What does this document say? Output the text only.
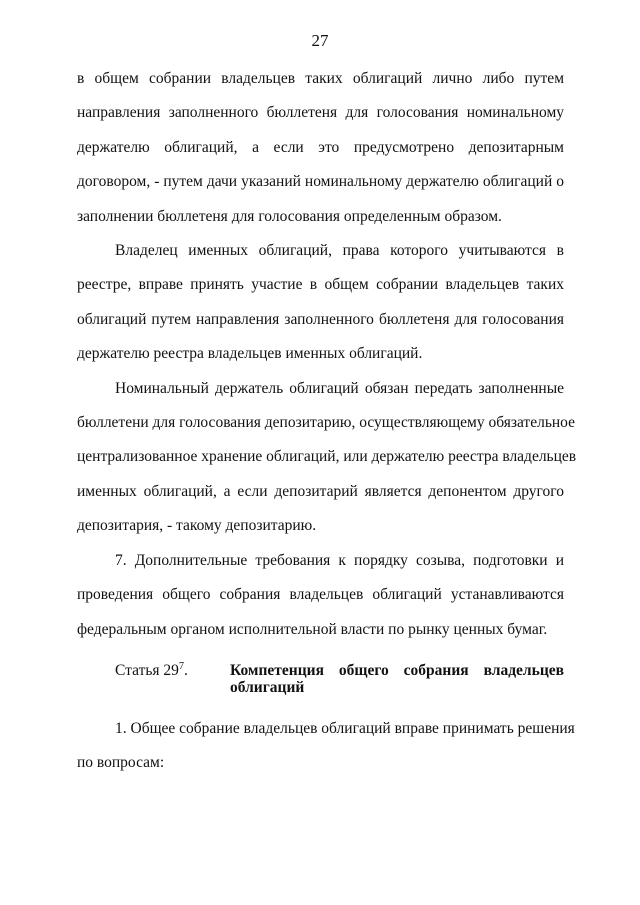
27

в общем собрании владельцев таких облигаций лично либо путем
направления заполненного бюллетеня для голосования номинальному
держателю облигаций, а если это предусмотрено депозитарным
договором, - путем дачи указаний номинальному держателю облигаций о
заполнении бюллетеня для голосования определенным образом.

Владелец именных облигаций, права которого учитываются в
реестре, вправе принять участие в общем собрании владельцев таких
облигаций путем направления заполненного бюллетеня для голосования
держателю реестра владельцев именных облигаций.

Номинальный держатель облигаций обязан передать заполненные
бюллетени для голосования депозитарию, осуществляющему обязательное
централизованное хранение облигаций, или держателю реестра владельцев
именных облигаций, а если депозитарий является депонентом другого
депозитария, - такому депозитарию.

7. Дополнительные требования к порядку созыва, подготовки и
проведения общего собрания владельцев облигаций устанавливаются
федеральным органом исполнительной власти по рынку ценных бумаг.

Статья $29^7$.	Компетенция общего собрания владельцев
облигаций

1. Общее собрание владельцев облигаций вправе принимать решения
по вопросам:
